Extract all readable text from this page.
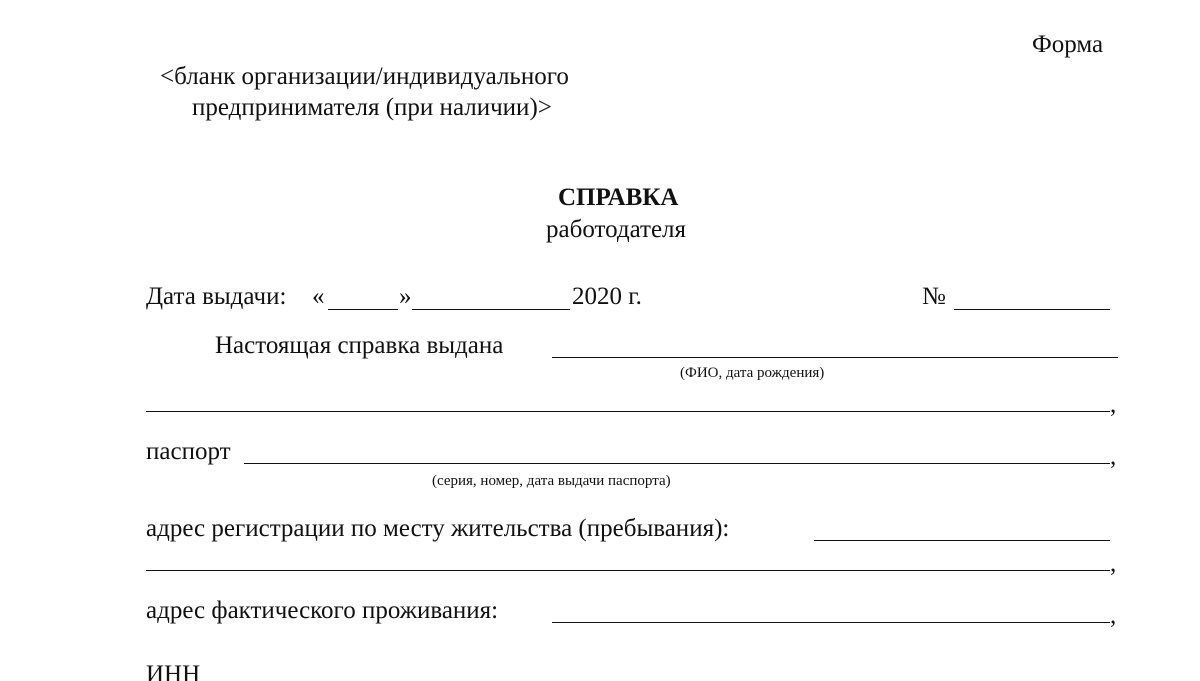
Форма
<бланк организации/индивидуального
предпринимателя (при наличии)>
СПРАВКА
работодателя
Дата выдачи: «	»	2020 г.	№
Настоящая справка выдана
(ФИО, дата рождения)
,
паспорт	,
(серия, номер, дата выдачи паспорта)
адрес регистрации по месту жительства (пребывания):
,
адрес фактического проживания:	,
ИНН
